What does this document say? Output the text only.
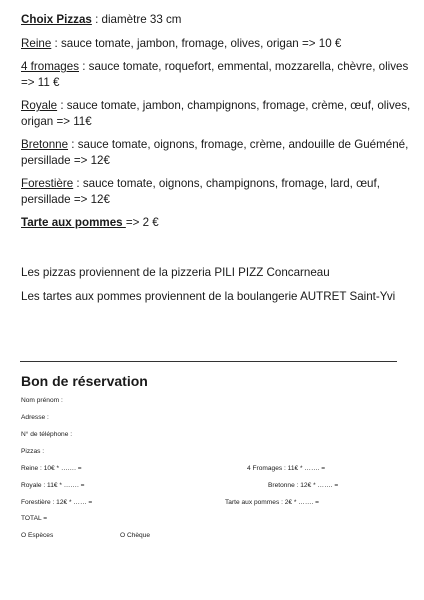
Choix Pizzas : diamètre 33 cm
Reine : sauce tomate, jambon, fromage, olives, origan => 10 €
4 fromages : sauce tomate, roquefort, emmental, mozzarella, chèvre, olives => 11 €
Royale : sauce tomate, jambon, champignons, fromage, crème, œuf, olives, origan => 11€
Bretonne : sauce tomate, oignons, fromage, crème, andouille de Guéméné, persillade => 12€
Forestière : sauce tomate, oignons, champignons, fromage, lard, œuf, persillade => 12€
Tarte aux pommes => 2 €
Les pizzas proviennent de la pizzeria PILI PIZZ Concarneau
Les tartes aux pommes proviennent de la boulangerie AUTRET Saint-Yvi
Bon de réservation
Nom prénom :
Adresse :
N° de téléphone :
Pizzas :
Reine : 10€ * ……. =	4 Fromages : 11€ * ……. =
Royale : 11€ * ……. =	Bretonne : 12€ * ……. =
Forestière : 12€ * …… =	Tarte aux pommes : 2€ * ……. =
TOTAL =
O Espèces	O Chèque
